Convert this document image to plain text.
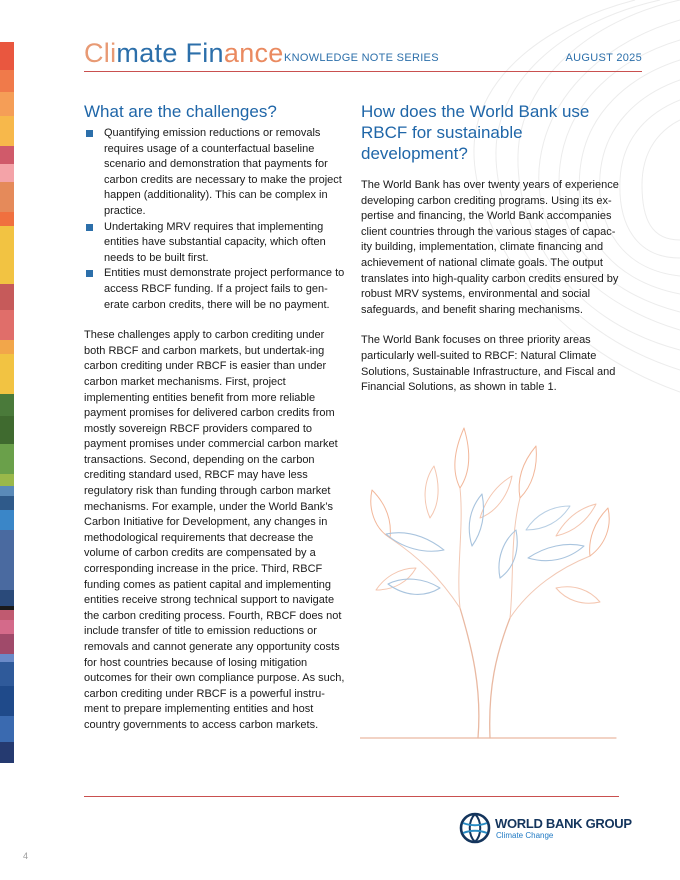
Climate Finance KNOWLEDGE NOTE SERIES	AUGUST 2025
What are the challenges?
Quantifying emission reductions or removals requires usage of a counterfactual baseline scenario and demonstration that payments for carbon credits are necessary to make the project happen (additionality). This can be complex in practice.
Undertaking MRV requires that implementing entities have substantial capacity, which often needs to be built first.
Entities must demonstrate project performance to access RBCF funding. If a project fails to gen-erate carbon credits, there will be no payment.

These challenges apply to carbon crediting under both RBCF and carbon markets, but undertak-ing carbon crediting under RBCF is easier than under carbon market mechanisms. First, project implementing entities benefit from more reliable payment promises for delivered carbon credits from mostly sovereign RBCF providers compared to payment promises under commercial carbon market transactions. Second, depending on the carbon crediting standard used, RBCF may have less regulatory risk than funding through carbon market mechanisms. For example, under the World Bank’s Carbon Initiative for Development, any changes in methodological requirements that decrease the volume of carbon credits are compensated by a corresponding increase in the price. Third, RBCF funding comes as patient capital and implementing entities receive strong technical support to navigate the carbon crediting process. Fourth, RBCF does not include transfer of title to emission reductions or removals and cannot generate any opportunity costs for host countries because of losing mitigation outcomes for their own compliance purpose. As such, carbon crediting under RBCF is a powerful instru-ment to prepare implementing entities and host country governments to access carbon markets.

How does the World Bank use RBCF for sustainable development?

The World Bank has over twenty years of experience developing carbon crediting programs. Using its ex-pertise and financing, the World Bank accompanies client countries through the various stages of capac-ity building, implementation, climate financing and achievement of national climate goals. The output translates into high-quality carbon credits ensured by robust MRV systems, environmental and social safeguards, and benefit sharing mechanisms.

The World Bank focuses on three priority areas particularly well-suited to RBCF: Natural Climate Solutions, Sustainable Infrastructure, and Fiscal and Financial Solutions, as shown in table 1.

WORLD BANK GROUP
Climate Change
4
